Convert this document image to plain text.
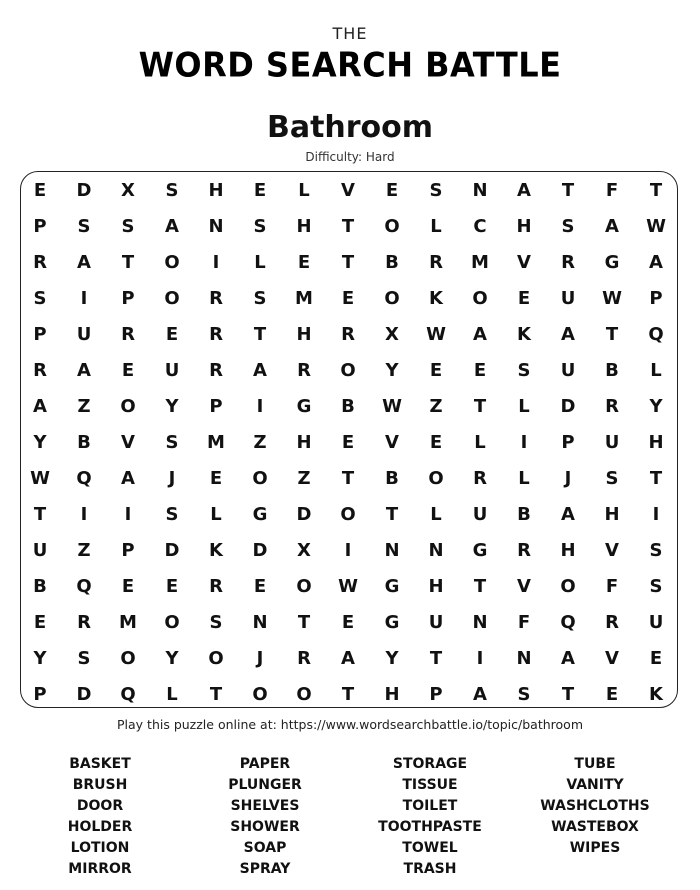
THE
WORD SEARCH BATTLE
Bathroom
Difficulty: Hard
E	D	X	S	H	E	L	V	E	S	N	A	T	F	T
P	S	S	A	N	S	H	T	O	L	C	H	S	A	W
R	A	T	O	I	L	E	T	B	R	M	V	R	G	A
S	I	P	O	R	S	M	E	O	K	O	E	U	W	P
P	U	R	E	R	T	H	R	X	W	A	K	A	T	Q
R	A	E	U	R	A	R	O	Y	E	E	S	U	B	L
A	Z	O	Y	P	I	G	B	W	Z	T	L	D	R	Y
Y	B	V	S	M	Z	H	E	V	E	L	I	P	U	H
W	Q	A	J	E	O	Z	T	B	O	R	L	J	S	T
T	I	I	S	L	G	D	O	T	L	U	B	A	H	I
U	Z	P	D	K	D	X	I	N	N	G	R	H	V	S
B	Q	E	E	R	E	O	W	G	H	T	V	O	F	S
E	R	M	O	S	N	T	E	G	U	N	F	Q	R	U
Y	S	O	Y	O	J	R	A	Y	T	I	N	A	V	E
P	D	Q	L	T	O	O	T	H	P	A	S	T	E	K
Play this puzzle online at: https://www.wordsearchbattle.io/topic/bathroom
BASKET
BRUSH
DOOR
HOLDER
LOTION
MIRROR
PAPER
PLUNGER
SHELVES
SHOWER
SOAP
SPRAY
STORAGE
TISSUE
TOILET
TOOTHPASTE
TOWEL
TRASH
TUBE
VANITY
WASHCLOTHS
WASTEBOX
WIPES
